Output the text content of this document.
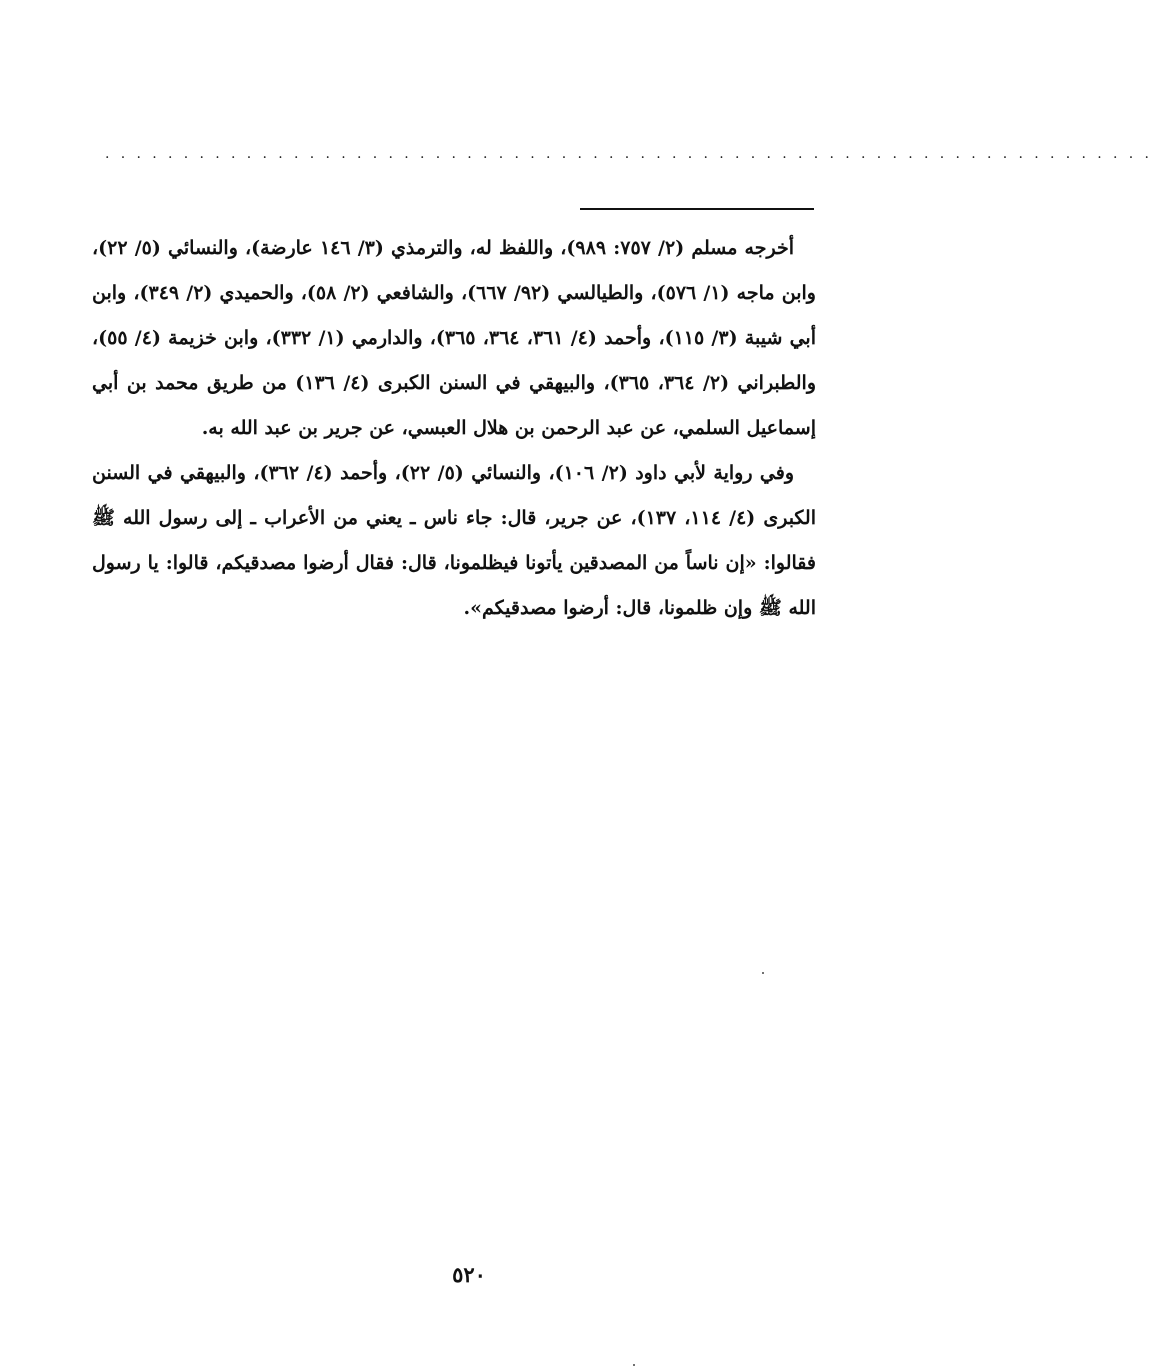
...................................................................

أخرجه مسلم (٢/ ٧٥٧: ٩٨٩)، واللفظ له، والترمذي (٣/ ١٤٦ عارضة)، والنسائي (٥/ ٢٢)، وابن ماجه (١/ ٥٧٦)، والطيالسي (٩٢/ ٦٦٧)، والشافعي (٢/ ٥٨)، والحميدي (٢/ ٣٤٩)، وابن أبي شيبة (٣/ ١١٥)، وأحمد (٤/ ٣٦١، ٣٦٤، ٣٦٥)، والدارمي (١/ ٣٣٢)، وابن خزيمة (٤/ ٥٥)، والطبراني (٢/ ٣٦٤، ٣٦٥)، والبيهقي في السنن الكبرى (٤/ ١٣٦) من طريق محمد بن أبي إسماعيل السلمي، عن عبد الرحمن بن هلال العبسي، عن جرير بن عبد الله به.

وفي رواية لأبي داود (٢/ ١٠٦)، والنسائي (٥/ ٢٢)، وأحمد (٤/ ٣٦٢)، والبيهقي في السنن الكبرى (٤/ ١١٤، ١٣٧)، عن جرير، قال: جاء ناس ـ يعني من الأعراب ـ إلى رسول الله ﷺ فقالوا: «إن ناساً من المصدقين يأتونا فيظلمونا، قال: فقال أرضوا مصدقيكم، قالوا: يا رسول الله ﷺ وإن ظلمونا، قال: أرضوا مصدقيكم».

٥٢٠
